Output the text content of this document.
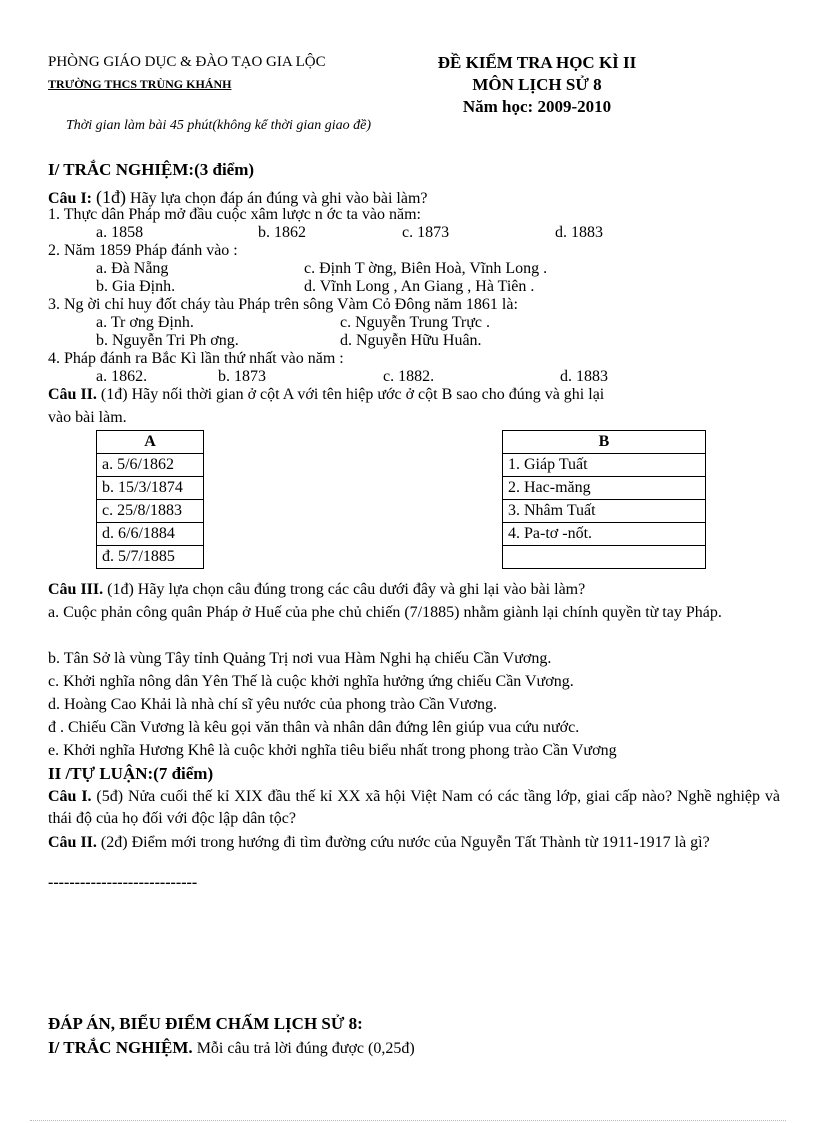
PHÒNG GIÁO DỤC & ĐÀO TẠO GIA LỘC
TRƯỜNG THCS TRÙNG KHÁNH
ĐỀ KIỂM TRA HỌC KÌ II
MÔN LỊCH SỬ 8
Năm học: 2009-2010
Thời gian làm bài 45 phút(không kể thời gian giao đề)
I/ TRẮC NGHIỆM:(3 điểm)
Câu I: (1đ) Hãy lựa chọn đáp án đúng và ghi vào bài làm?
1. Thực dân Pháp mở đầu cuộc xâm lược n ớc ta vào năm:
a. 1858	b. 1862	c. 1873	d. 1883
2. Năm 1859 Pháp đánh vào :
a. Đà Nẵng	c. Định T ờng, Biên Hoà, Vĩnh Long .
b. Gia Định.	d. Vĩnh Long , An Giang , Hà Tiên .
3. Ng ời chỉ huy đốt cháy tàu Pháp trên sông Vàm Cỏ Đông năm 1861 là:
a. Tr ơng Định.	c. Nguyễn Trung Trực .
b. Nguyễn Tri Ph ơng.	d. Nguyễn Hữu Huân.
4. Pháp đánh ra Bắc Kì lần thứ nhất vào năm :
a. 1862.	b. 1873	c. 1882.	d. 1883
Câu II. (1đ) Hãy nối thời gian ở cột A với tên hiệp ước ở cột B sao cho đúng và ghi lại
vào bài làm.
A
a. 5/6/1862
b. 15/3/1874
c. 25/8/1883
d. 6/6/1884
đ. 5/7/1885
B
1. Giáp Tuất
2. Hac-măng
3. Nhâm Tuất
4. Pa-tơ -nốt.

Câu III. (1đ) Hãy lựa chọn câu đúng trong các câu dưới đây và ghi lại vào bài làm?
a. Cuộc phản công quân Pháp ở Huế của phe chủ chiến (7/1885) nhằm giành lại chính quyền từ tay Pháp.
b. Tân Sở là vùng Tây tỉnh Quảng Trị nơi vua Hàm Nghi hạ chiếu Cần Vương.
c. Khởi nghĩa nông dân Yên Thế là cuộc khởi nghĩa hưởng ứng chiếu Cần Vương.
d. Hoàng Cao Khải là nhà chí sĩ yêu nước của phong trào Cần Vương.
đ . Chiếu Cần Vương là kêu gọi văn thân và nhân dân đứng lên giúp vua cứu nước.
e. Khởi nghĩa Hương Khê là cuộc khởi nghĩa tiêu biểu nhất trong phong trào Cần Vương
II /TỰ LUẬN:(7 điểm)
Câu I. (5đ) Nửa cuối thế kỉ XIX đầu thế kỉ XX xã hội Việt Nam có các tầng lớp, giai cấp nào? Nghề nghiệp và thái độ của họ đối với độc lập dân tộc?
Câu II. (2đ) Điểm mới trong hướng đi tìm đường cứu nước của Nguyễn Tất Thành từ 1911-1917 là gì?
----------------------------
ĐÁP ÁN, BIỂU ĐIỂM CHẤM LỊCH SỬ 8:
I/ TRẮC NGHIỆM. Mỗi câu trả lời đúng được (0,25đ)
